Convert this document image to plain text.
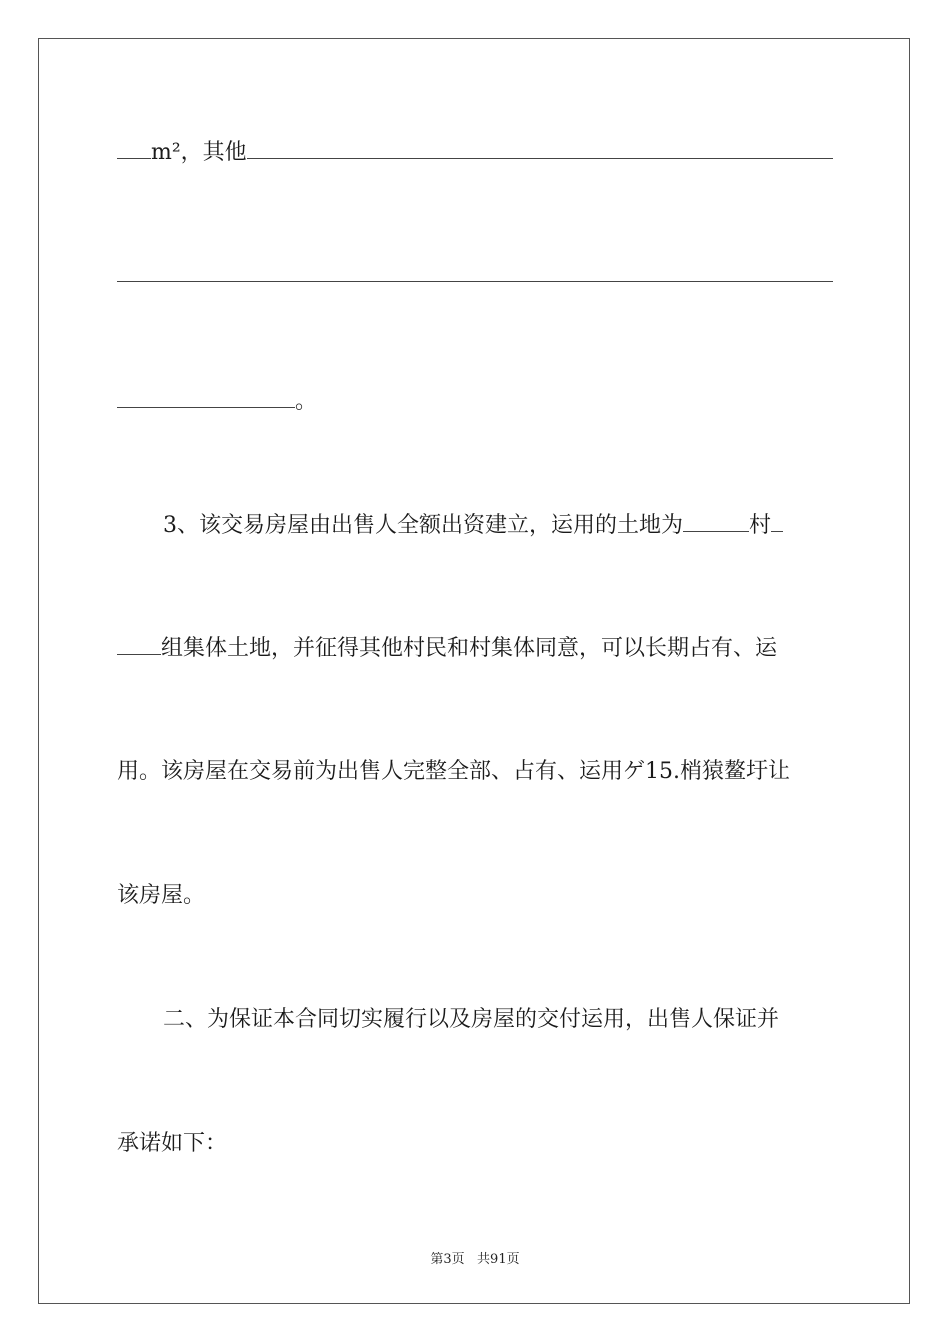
m²，其他
。
3、该交易房屋由出售人全额出资建立，运用的土地为	村
组集体土地，并征得其他村民和村集体同意，可以长期占有、运
用。该房屋在交易前为出售人完整全部、占有、运用ゲ15.梢猿鳌圩让
该房屋。
二、为保证本合同切实履行以及房屋的交付运用，出售人保证并
承诺如下：
第3页   共91页
